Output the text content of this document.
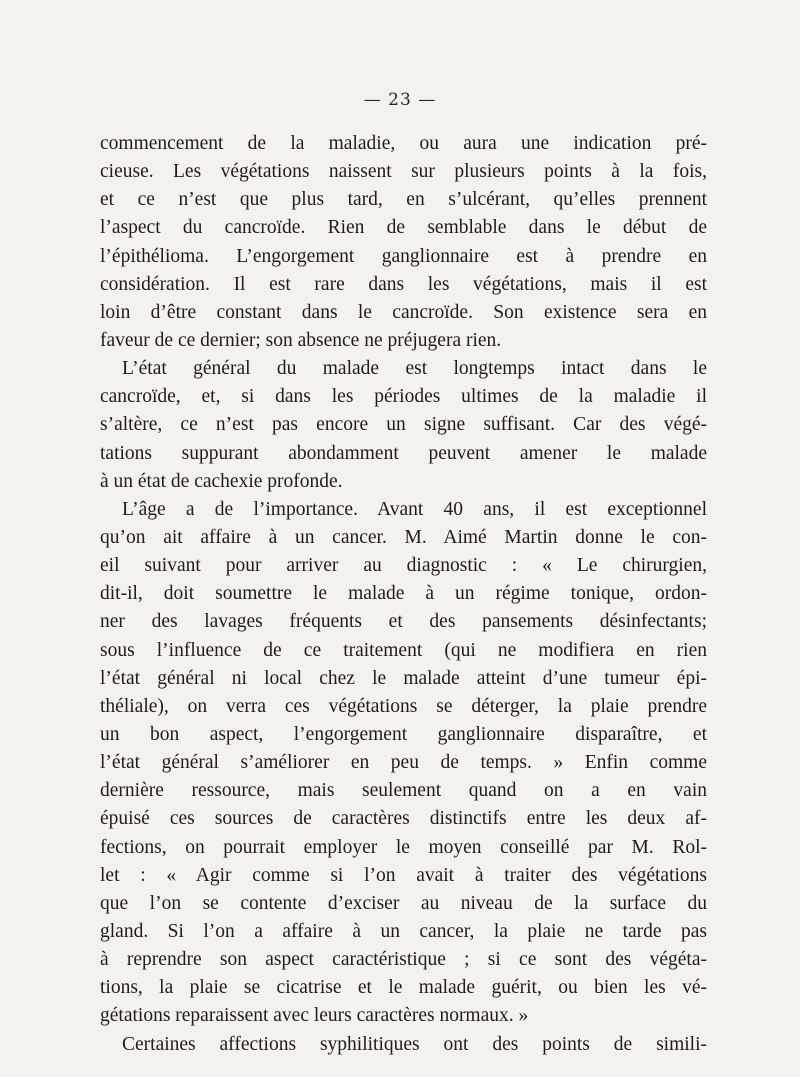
— 23 —
commencement de la maladie, ou aura une indication pré-
cieuse. Les végétations naissent sur plusieurs points à la fois,
et ce n’est que plus tard, en s’ulcérant, qu’elles prennent
l’aspect du cancroïde. Rien de semblable dans le début de
l’épithélioma. L’engorgement ganglionnaire est à prendre en
considération. Il est rare dans les végétations, mais il est
loin d’être constant dans le cancroïde. Son existence sera en
faveur de ce dernier; son absence ne préjugera rien.
L’état général du malade est longtemps intact dans le
cancroïde, et, si dans les périodes ultimes de la maladie il
s’altère, ce n’est pas encore un signe suffisant. Car des végé-
tations suppurant abondamment peuvent amener le malade
à un état de cachexie profonde.
L’âge a de l’importance. Avant 40 ans, il est exceptionnel
qu’on ait affaire à un cancer. M. Aimé Martin donne le con-
eil suivant pour arriver au diagnostic : « Le chirurgien,
dit-il, doit soumettre le malade à un régime tonique, ordon-
ner des lavages fréquents et des pansements désinfectants;
sous l’influence de ce traitement (qui ne modifiera en rien
l’état général ni local chez le malade atteint d’une tumeur épi-
théliale), on verra ces végétations se déterger, la plaie prendre
un bon aspect, l’engorgement ganglionnaire disparaître, et
l’état général s’améliorer en peu de temps. » Enfin comme
dernière ressource, mais seulement quand on a en vain
épuisé ces sources de caractères distinctifs entre les deux af-
fections, on pourrait employer le moyen conseillé par M. Rol-
let : « Agir comme si l’on avait à traiter des végétations
que l’on se contente d’exciser au niveau de la surface du
gland. Si l’on a affaire à un cancer, la plaie ne tarde pas
à reprendre son aspect caractéristique ; si ce sont des végéta-
tions, la plaie se cicatrise et le malade guérit, ou bien les vé-
gétations reparaissent avec leurs caractères normaux. »
Certaines affections syphilitiques ont des points de simili-
